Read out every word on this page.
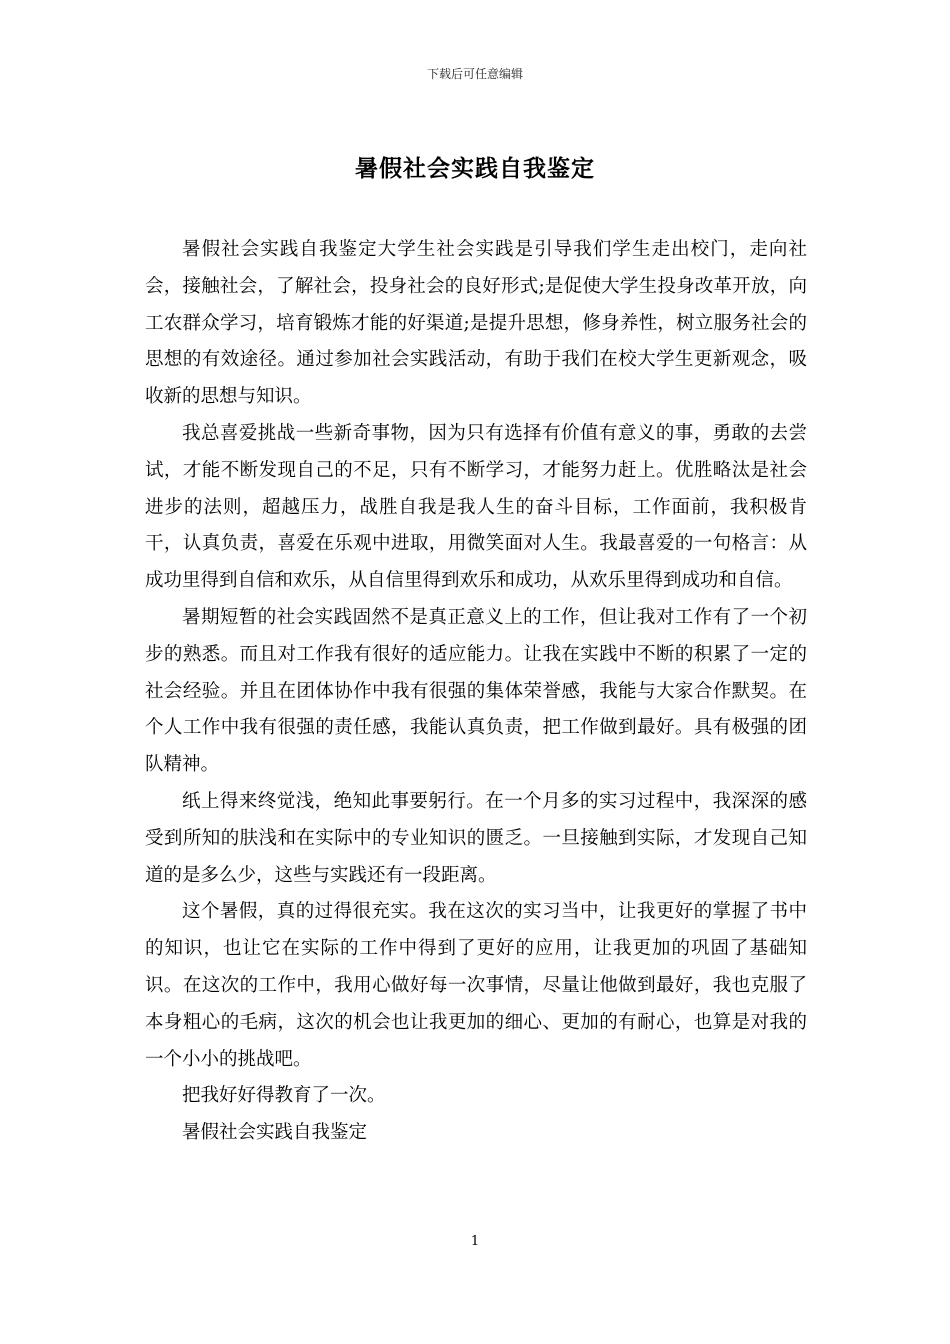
下载后可任意编辑
暑假社会实践自我鉴定

暑假社会实践自我鉴定大学生社会实践是引导我们学生走出校门，走向社会，接触社会，了解社会，投身社会的良好形式;是促使大学生投身改革开放，向工农群众学习，培育锻炼才能的好渠道;是提升思想，修身养性，树立服务社会的思想的有效途径。通过参加社会实践活动，有助于我们在校大学生更新观念，吸收新的思想与知识。

我总喜爱挑战一些新奇事物，因为只有选择有价值有意义的事，勇敢的去尝试，才能不断发现自己的不足，只有不断学习，才能努力赶上。优胜略汰是社会进步的法则，超越压力，战胜自我是我人生的奋斗目标，工作面前，我积极肯干，认真负责，喜爱在乐观中进取，用微笑面对人生。我最喜爱的一句格言：从成功里得到自信和欢乐，从自信里得到欢乐和成功，从欢乐里得到成功和自信。

暑期短暂的社会实践固然不是真正意义上的工作，但让我对工作有了一个初步的熟悉。而且对工作我有很好的适应能力。让我在实践中不断的积累了一定的社会经验。并且在团体协作中我有很强的集体荣誉感，我能与大家合作默契。在个人工作中我有很强的责任感，我能认真负责，把工作做到最好。具有极强的团队精神。

纸上得来终觉浅，绝知此事要躬行。在一个月多的实习过程中，我深深的感受到所知的肤浅和在实际中的专业知识的匮乏。一旦接触到实际，才发现自己知道的是多么少，这些与实践还有一段距离。

这个暑假，真的过得很充实。我在这次的实习当中，让我更好的掌握了书中的知识，也让它在实际的工作中得到了更好的应用，让我更加的巩固了基础知识。在这次的工作中，我用心做好每一次事情，尽量让他做到最好，我也克服了本身粗心的毛病，这次的机会也让我更加的细心、更加的有耐心，也算是对我的一个小小的挑战吧。

把我好好得教育了一次。

暑假社会实践自我鉴定

1
